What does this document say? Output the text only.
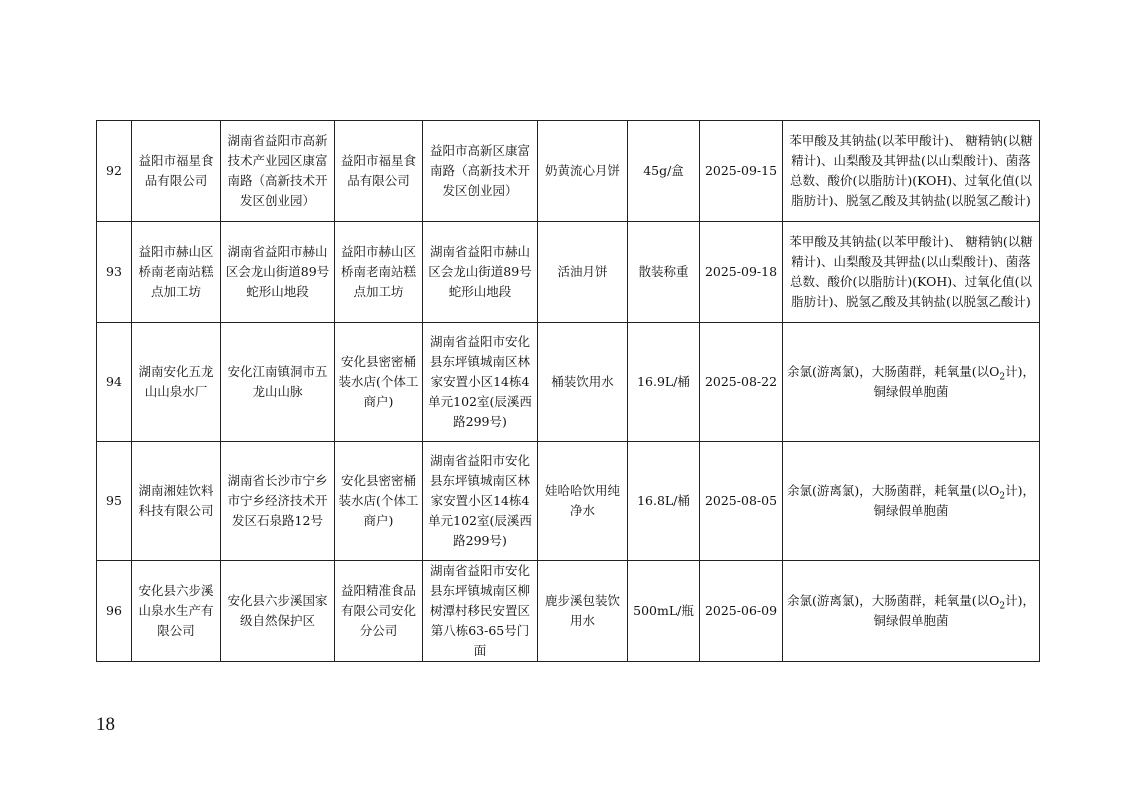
92	益阳市福星食品有限公司	湖南省益阳市高新技术产业园区康富南路（高新技术开发区创业园）	益阳市福星食品有限公司	益阳市高新区康富南路（高新技术开发区创业园）	奶黄流心月饼	45g/盒	2025-09-15	苯甲酸及其钠盐(以苯甲酸计)、 糖精钠(以糖精计)、山梨酸及其钾盐(以山梨酸计)、菌落总数、酸价(以脂肪计)(KOH)、过氧化值(以脂肪计)、脱氢乙酸及其钠盐(以脱氢乙酸计)
93	益阳市赫山区桥南老南站糕点加工坊	湖南省益阳市赫山区会龙山街道89号蛇形山地段	益阳市赫山区桥南老南站糕点加工坊	湖南省益阳市赫山区会龙山街道89号蛇形山地段	活油月饼	散装称重	2025-09-18	苯甲酸及其钠盐(以苯甲酸计)、 糖精钠(以糖精计)、山梨酸及其钾盐(以山梨酸计)、菌落总数、酸价(以脂肪计)(KOH)、过氧化值(以脂肪计)、脱氢乙酸及其钠盐(以脱氢乙酸计)
94	湖南安化五龙山山泉水厂	安化江南镇洞市五龙山山脉	安化县密密桶装水店(个体工商户)	湖南省益阳市安化县东坪镇城南区林家安置小区14栋4单元102室(辰溪西路299号)	桶装饮用水	16.9L/桶	2025-08-22	余氯(游离氯)，大肠菌群，耗氧量(以$O_2$计)，铜绿假单胞菌
95	湖南湘娃饮料科技有限公司	湖南省长沙市宁乡市宁乡经济技术开发区石泉路12号	安化县密密桶装水店(个体工商户)	湖南省益阳市安化县东坪镇城南区林家安置小区14栋4单元102室(辰溪西路299号)	娃哈哈饮用纯净水	16.8L/桶	2025-08-05	余氯(游离氯)，大肠菌群，耗氧量(以$O_2$计)，铜绿假单胞菌
96	安化县六步溪山泉水生产有限公司	安化县六步溪国家级自然保护区	益阳精准食品有限公司安化分公司	湖南省益阳市安化县东坪镇城南区柳树潭村移民安置区第八栋63-65号门面	鹿步溪包装饮用水	500mL/瓶	2025-06-09	余氯(游离氯)，大肠菌群，耗氧量(以$O_2$计)，铜绿假单胞菌
18
